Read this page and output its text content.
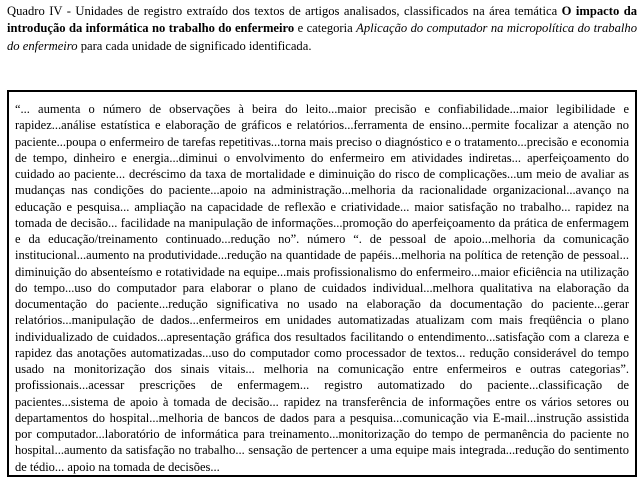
Quadro IV - Unidades de registro extraído dos textos de artigos analisados, classificados na área temática O impacto da introdução da informática no trabalho do enfermeiro e categoria Aplicação do computador na micropolítica do trabalho do enfermeiro para cada unidade de significado identificada.

“... aumenta o número de observações à beira do leito...maior precisão e confiabilidade...maior legibilidade e rapidez...análise estatística e elaboração de gráficos e relatórios...ferramenta de ensino...permite focalizar a atenção no paciente...poupa o enfermeiro de tarefas repetitivas...torna mais preciso o diagnóstico e o tratamento...precisão e economia de tempo, dinheiro e energia...diminui o envolvimento do enfermeiro em atividades indiretas... aperfeiçoamento do cuidado ao paciente... decréscimo da taxa de mortalidade e diminuição do risco de complicações...um meio de avaliar as mudanças nas condições do paciente...apoio na administração...melhoria da racionalidade organizacional...avanço na educação e pesquisa... ampliação na capacidade de reflexão e criatividade... maior satisfação no trabalho... rapidez na tomada de decisão... facilidade na manipulação de informações...promoção do aperfeiçoamento da prática de enfermagem e da educação/treinamento continuado...redução no”. número “. de pessoal de apoio...melhoria da comunicação institucional...aumento na produtividade...redução na quantidade de papéis...melhoria na política de retenção de pessoal... diminuição do absenteísmo e rotatividade na equipe...mais profissionalismo do enfermeiro...maior eficiência na utilização do tempo...uso do computador para elaborar o plano de cuidados individual...melhora qualitativa na elaboração da documentação do paciente...redução significativa no usado na elaboração da documentação do paciente...gerar relatórios...manipulação de dados...enfermeiros em unidades automatizadas atualizam com mais freqüência o plano individualizado de cuidados...apresentação gráfica dos resultados facilitando o entendimento...satisfação com a clareza e rapidez das anotações automatizadas...uso do computador como processador de textos... redução considerável do tempo usado na monitorização dos sinais vitais... melhoria na comunicação entre enfermeiros e outras categorias”. profissionais...acessar prescrições de enfermagem... registro automatizado do paciente...classificação de pacientes...sistema de apoio à tomada de decisão... rapidez na transferência de informações entre os vários setores ou departamentos do hospital...melhoria de bancos de dados para a pesquisa...comunicação via E-mail...instrução assistida por computador...laboratório de informática para treinamento...monitorização do tempo de permanência do paciente no hospital...aumento da satisfação no trabalho... sensação de pertencer a uma equipe mais integrada...redução do sentimento de tédio... apoio na tomada de decisões...
